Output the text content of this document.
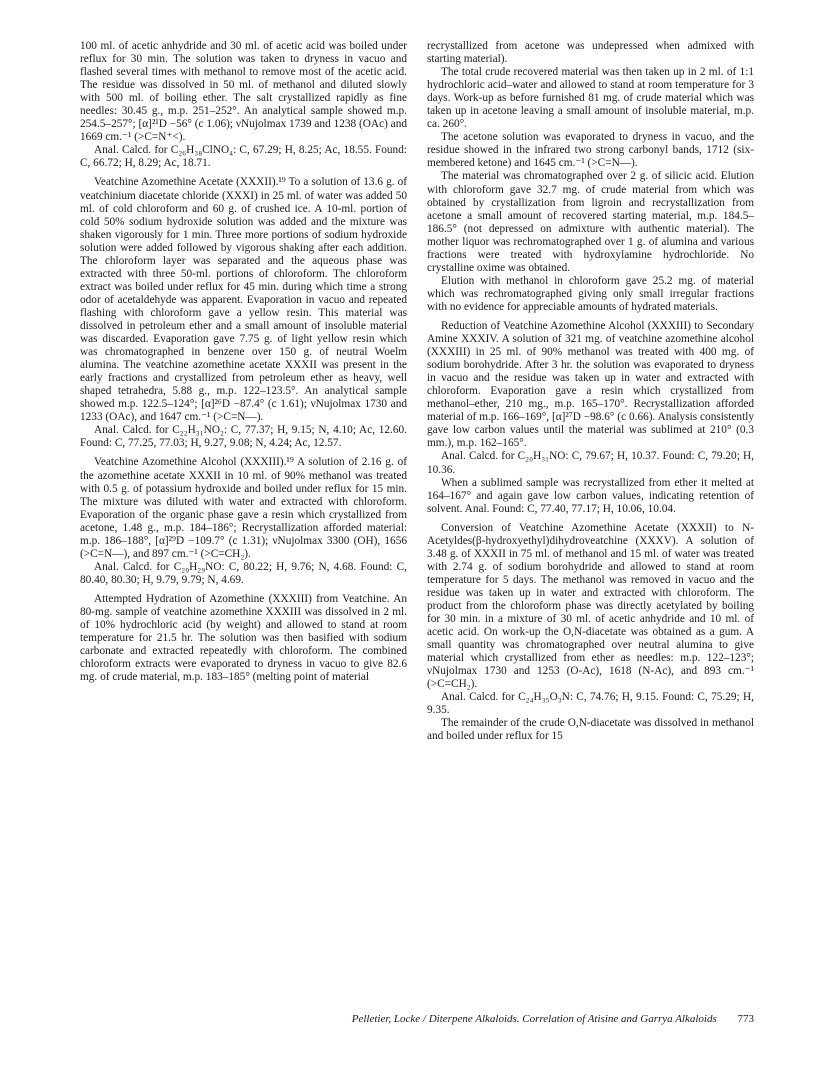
100 ml. of acetic anhydride and 30 ml. of acetic acid was boiled under reflux for 30 min. The solution was taken to dryness in vacuo and flashed several times with methanol to remove most of the acetic acid. The residue was dissolved in 50 ml. of methanol and diluted slowly with 500 ml. of boiling ether. The salt crystallized rapidly as fine needles: 30.45 g., m.p. 251–252°. An analytical sample showed m.p. 254.5–257°; [α]²¹D −56° (c 1.06); νNujolmax 1739 and 1238 (OAc) and 1669 cm.⁻¹ (>C=N⁺<).

Anal. Calcd. for C₂₆H₃₈ClNO₄: C, 67.29; H, 8.25; Ac, 18.55. Found: C, 66.72; H, 8.29; Ac, 18.71.

Veatchine Azomethine Acetate (XXXII).¹⁹ To a solution of 13.6 g. of veatchinium diacetate chloride (XXXI) in 25 ml. of water was added 50 ml. of cold chloroform and 60 g. of crushed ice. A 10-ml. portion of cold 50% sodium hydroxide solution was added and the mixture was shaken vigorously for 1 min. Three more portions of sodium hydroxide solution were added followed by vigorous shaking after each addition. The chloroform layer was separated and the aqueous phase was extracted with three 50-ml. portions of chloroform. The chloroform extract was boiled under reflux for 45 min. during which time a strong odor of acetaldehyde was apparent. Evaporation in vacuo and repeated flashing with chloroform gave a yellow resin. This material was dissolved in petroleum ether and a small amount of insoluble material was discarded. Evaporation gave 7.75 g. of light yellow resin which was chromatographed in benzene over 150 g. of neutral Woelm alumina. The veatchine azomethine acetate XXXII was present in the early fractions and crystallized from petroleum ether as heavy, well shaped tetrahedra, 5.88 g., m.p. 122–123.5°. An analytical sample showed m.p. 122.5–124°; [α]²⁶D −87.4° (c 1.61); νNujolmax 1730 and 1233 (OAc), and 1647 cm.⁻¹ (>C=N—).

Anal. Calcd. for C₂₂H₃₁NO₂: C, 77.37; H, 9.15; N, 4.10; Ac, 12.60. Found: C, 77.25, 77.03; H, 9.27, 9.08; N, 4.24; Ac, 12.57.

Veatchine Azomethine Alcohol (XXXIII).¹⁹ A solution of 2.16 g. of the azomethine acetate XXXII in 10 ml. of 90% methanol was treated with 0.5 g. of potassium hydroxide and boiled under reflux for 15 min. The mixture was diluted with water and extracted with chloroform. Evaporation of the organic phase gave a resin which crystallized from acetone, 1.48 g., m.p. 184–186°; Recrystallization afforded material: m.p. 186–188°, [α]²⁹D −109.7° (c 1.31); νNujolmax 3300 (OH), 1656 (>C=N—), and 897 cm.⁻¹ (>C=CH₂).

Anal. Calcd. for C₂₀H₂₉NO: C, 80.22; H, 9.76; N, 4.68. Found: C, 80.40, 80.30; H, 9.79, 9.79; N, 4.69.

Attempted Hydration of Azomethine (XXXIII) from Veatchine. An 80-mg. sample of veatchine azomethine XXXIII was dissolved in 2 ml. of 10% hydrochloric acid (by weight) and allowed to stand at room temperature for 21.5 hr. The solution was then basified with sodium carbonate and extracted repeatedly with chloroform. The combined chloroform extracts were evaporated to dryness in vacuo to give 82.6 mg. of crude material, m.p. 183–185° (melting point of material

recrystallized from acetone was undepressed when admixed with starting material).

The total crude recovered material was then taken up in 2 ml. of 1:1 hydrochloric acid–water and allowed to stand at room temperature for 3 days. Work-up as before furnished 81 mg. of crude material which was taken up in acetone leaving a small amount of insoluble material, m.p. ca. 260°.

The acetone solution was evaporated to dryness in vacuo, and the residue showed in the infrared two strong carbonyl bands, 1712 (six-membered ketone) and 1645 cm.⁻¹ (>C=N—).

The material was chromatographed over 2 g. of silicic acid. Elution with chloroform gave 32.7 mg. of crude material from which was obtained by crystallization from ligroin and recrystallization from acetone a small amount of recovered starting material, m.p. 184.5–186.5° (not depressed on admixture with authentic material). The mother liquor was rechromatographed over 1 g. of alumina and various fractions were treated with hydroxylamine hydrochloride. No crystalline oxime was obtained.

Elution with methanol in chloroform gave 25.2 mg. of material which was rechromatographed giving only small irregular fractions with no evidence for appreciable amounts of hydrated materials.

Reduction of Veatchine Azomethine Alcohol (XXXIII) to Secondary Amine XXXIV. A solution of 321 mg. of veatchine azomethine alcohol (XXXIII) in 25 ml. of 90% methanol was treated with 400 mg. of sodium borohydride. After 3 hr. the solution was evaporated to dryness in vacuo and the residue was taken up in water and extracted with chloroform. Evaporation gave a resin which crystallized from methanol–ether, 210 mg., m.p. 165–170°. Recrystallization afforded material of m.p. 166–169°, [α]²⁷D −98.6° (c 0.66). Analysis consistently gave low carbon values until the material was sublimed at 210° (0.3 mm.), m.p. 162–165°.

Anal. Calcd. for C₂₀H₃₁NO: C, 79.67; H, 10.37. Found: C, 79.20; H, 10.36.

When a sublimed sample was recrystallized from ether it melted at 164–167° and again gave low carbon values, indicating retention of solvent. Anal. Found: C, 77.40, 77.17; H, 10.06, 10.04.

Conversion of Veatchine Azomethine Acetate (XXXII) to N-Acetyldes(β-hydroxyethyl)dihydroveatchine (XXXV). A solution of 3.48 g. of XXXII in 75 ml. of methanol and 15 ml. of water was treated with 2.74 g. of sodium borohydride and allowed to stand at room temperature for 5 days. The methanol was removed in vacuo and the residue was taken up in water and extracted with chloroform. The product from the chloroform phase was directly acetylated by boiling for 30 min. in a mixture of 30 ml. of acetic anhydride and 10 ml. of acetic acid. On work-up the O,N-diacetate was obtained as a gum. A small quantity was chromatographed over neutral alumina to give material which crystallized from ether as needles: m.p. 122–123°; νNujolmax 1730 and 1253 (O-Ac), 1618 (N-Ac), and 893 cm.⁻¹ (>C=CH₂).

Anal. Calcd. for C₂₄H₃₅O₃N: C, 74.76; H, 9.15. Found: C, 75.29; H, 9.35.

The remainder of the crude O,N-diacetate was dissolved in methanol and boiled under reflux for 15

Pelletier, Locke / Diterpene Alkaloids. Correlation of Atisine and Garrya Alkaloids 773
